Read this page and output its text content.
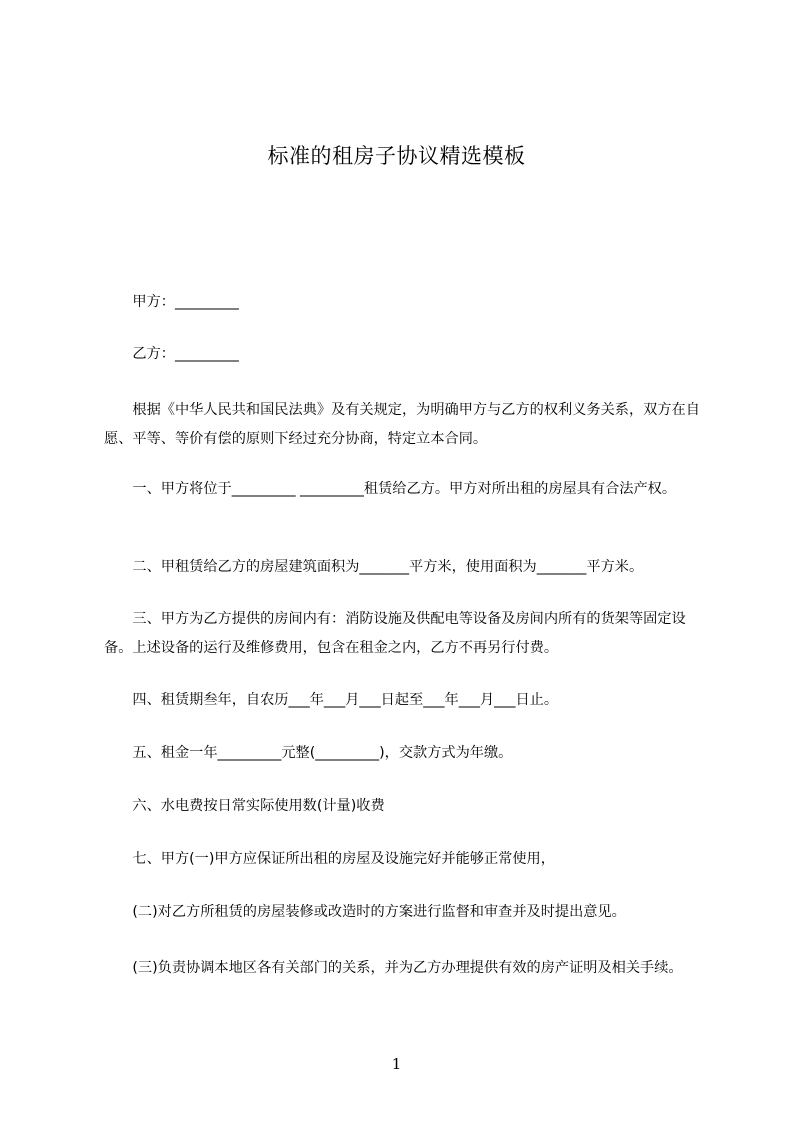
标准的租房子协议精选模板
　　甲方：_________
　　乙方：_________
　　根据《中华人民共和国民法典》及有关规定，为明确甲方与乙方的权利义务关系，双方在自愿、平等、等价有偿的原则下经过充分协商，特定立本合同。
　　一、甲方将位于_________ _________租赁给乙方。甲方对所出租的房屋具有合法产权。
　　二、甲租赁给乙方的房屋建筑面积为_______平方米，使用面积为_______平方米。
　　三、甲方为乙方提供的房间内有：消防设施及供配电等设备及房间内所有的货架等固定设备。上述设备的运行及维修费用，包含在租金之内，乙方不再另行付费。
　　四、租赁期叁年，自农历___年___月___日起至___年___月___日止。
　　五、租金一年_________元整(_________)，交款方式为年缴。
　　六、水电费按日常实际使用数(计量)收费
　　七、甲方(一)甲方应保证所出租的房屋及设施完好并能够正常使用，
　　(二)对乙方所租赁的房屋装修或改造时的方案进行监督和审查并及时提出意见。
　　(三)负责协调本地区各有关部门的关系，并为乙方办理提供有效的房产证明及相关手续。
1
